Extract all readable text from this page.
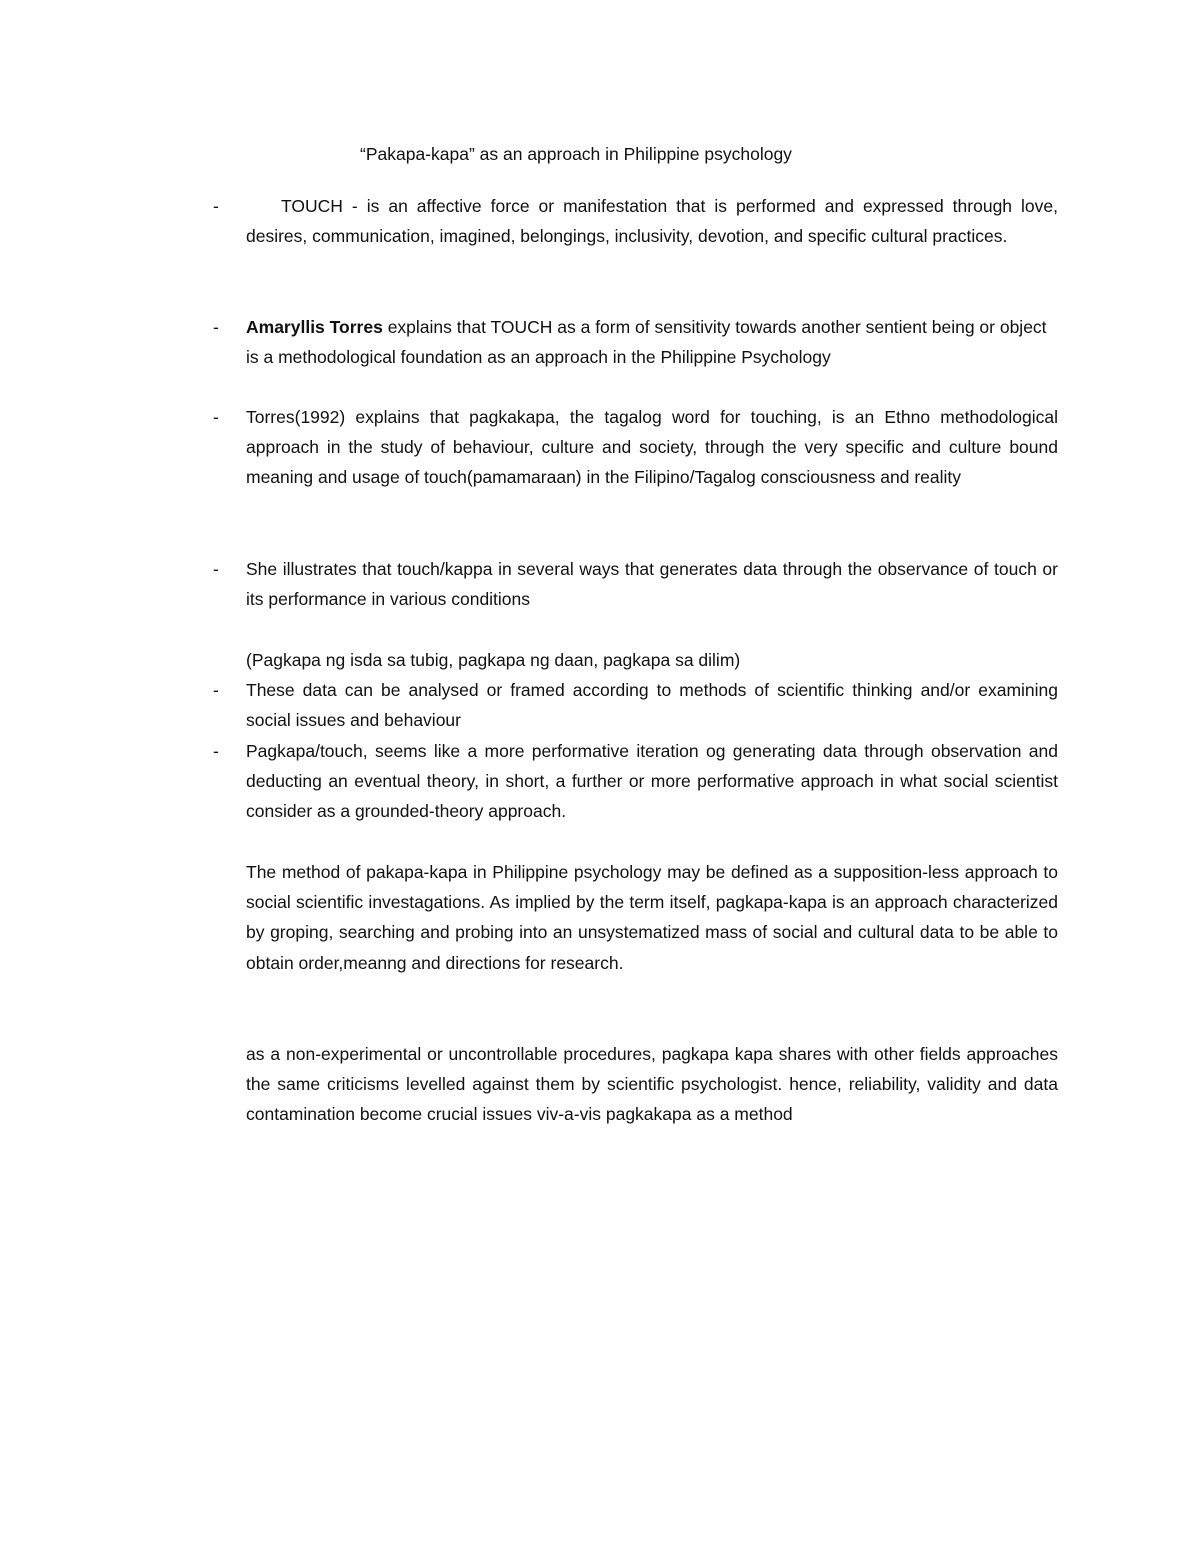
“Pakapa-kapa” as an approach in Philippine psychology
-	TOUCH - is an affective force or manifestation that is performed and expressed through love, desires, communication, imagined, belongings, inclusivity, devotion, and specific cultural practices.
- Amaryllis Torres explains that TOUCH as a form of sensitivity towards another sentient being or object is a methodological foundation as an approach in the Philippine Psychology
- Torres(1992) explains that pagkakapa, the tagalog word for touching, is an Ethno methodological approach in the study of behaviour, culture and society, through the very specific and culture bound meaning and usage of touch(pamamaraan) in the Filipino/Tagalog consciousness and reality
- She illustrates that touch/kappa in several ways that generates data through the observance of touch or its performance in various conditions
(Pagkapa ng isda sa tubig, pagkapa ng daan, pagkapa sa dilim)
- These data can be analysed or framed according to methods of scientific thinking and/or examining social issues and behaviour
- Pagkapa/touch, seems like a more performative iteration og generating data through observation and deducting an eventual theory, in short, a further or more performative approach in what social scientist consider as a grounded-theory approach.
The method of pakapa-kapa in Philippine psychology may be defined as a supposition-less approach to social scientific investagations. As implied by the term itself, pagkapa-kapa is an approach characterized by groping, searching and probing into an unsystematized mass of social and cultural data to be able to obtain order,meanng and directions for research.
as a non-experimental or uncontrollable procedures, pagkapa kapa shares with other fields approaches the same criticisms levelled against them by scientific psychologist. hence, reliability, validity and data contamination become crucial issues viv-a-vis pagkakapa as a method
